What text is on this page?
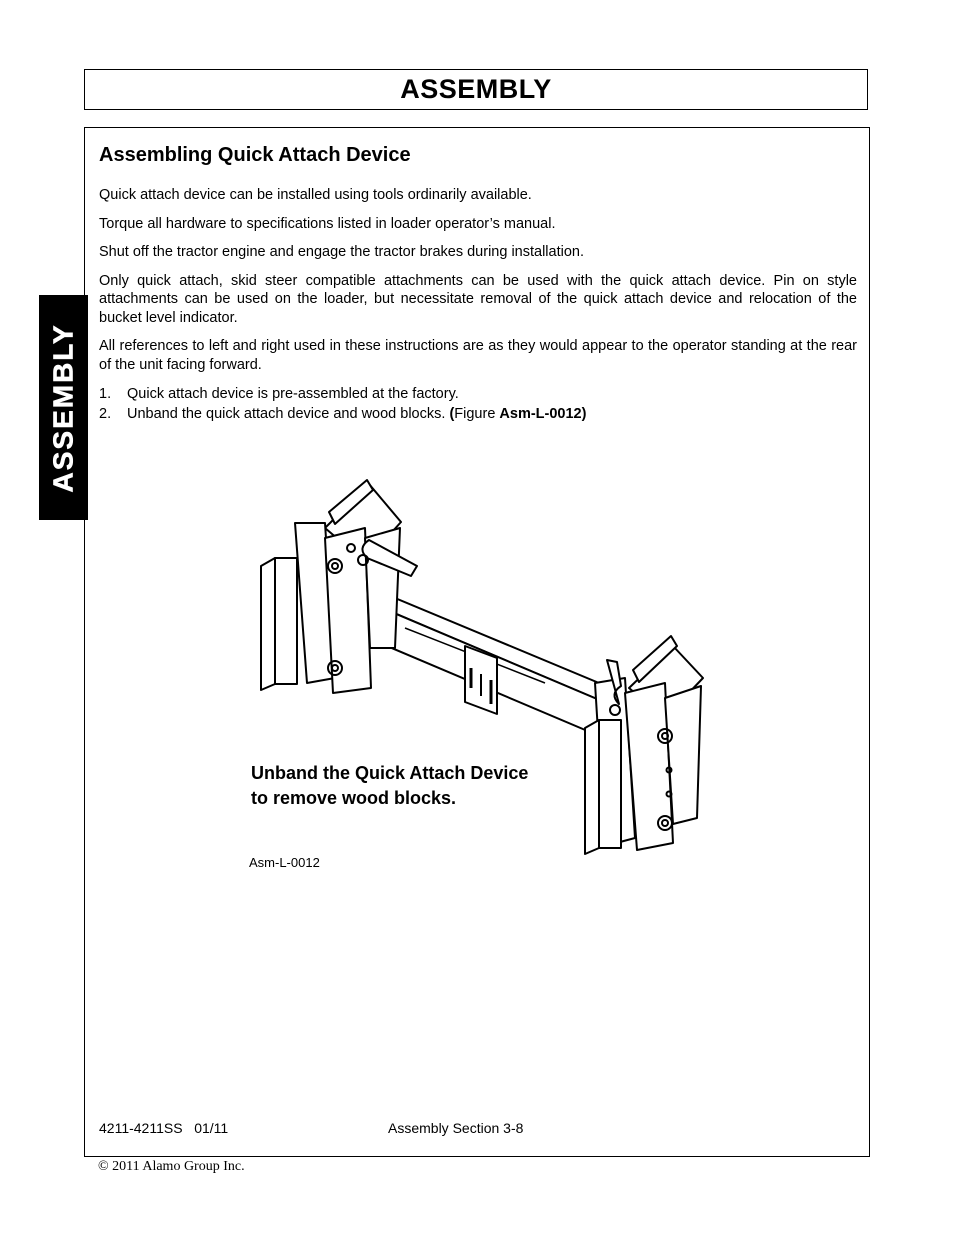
ASSEMBLY
ASSEMBLY
Assembling Quick Attach Device

Quick attach device can be installed using tools ordinarily available.

Torque all hardware to specifications listed in loader operator’s manual.

Shut off the tractor engine and engage the tractor brakes during installation.

Only quick attach, skid steer compatible attachments can be used with the quick attach device. Pin on style attachments can be used on the loader, but necessitate removal of the quick attach device and relocation of the bucket level indicator.

All references to left and right used in these instructions are as they would appear to the operator standing at the rear of the unit facing forward.

1.	Quick attach device is pre-assembled at the factory.
2.	Unband the quick attach device and wood blocks. (Figure Asm-L-0012)

Unband the Quick Attach Device
to remove wood blocks.

Asm-L-0012
4211-4211SS   01/11	Assembly Section 3-8
© 2011 Alamo Group Inc.
